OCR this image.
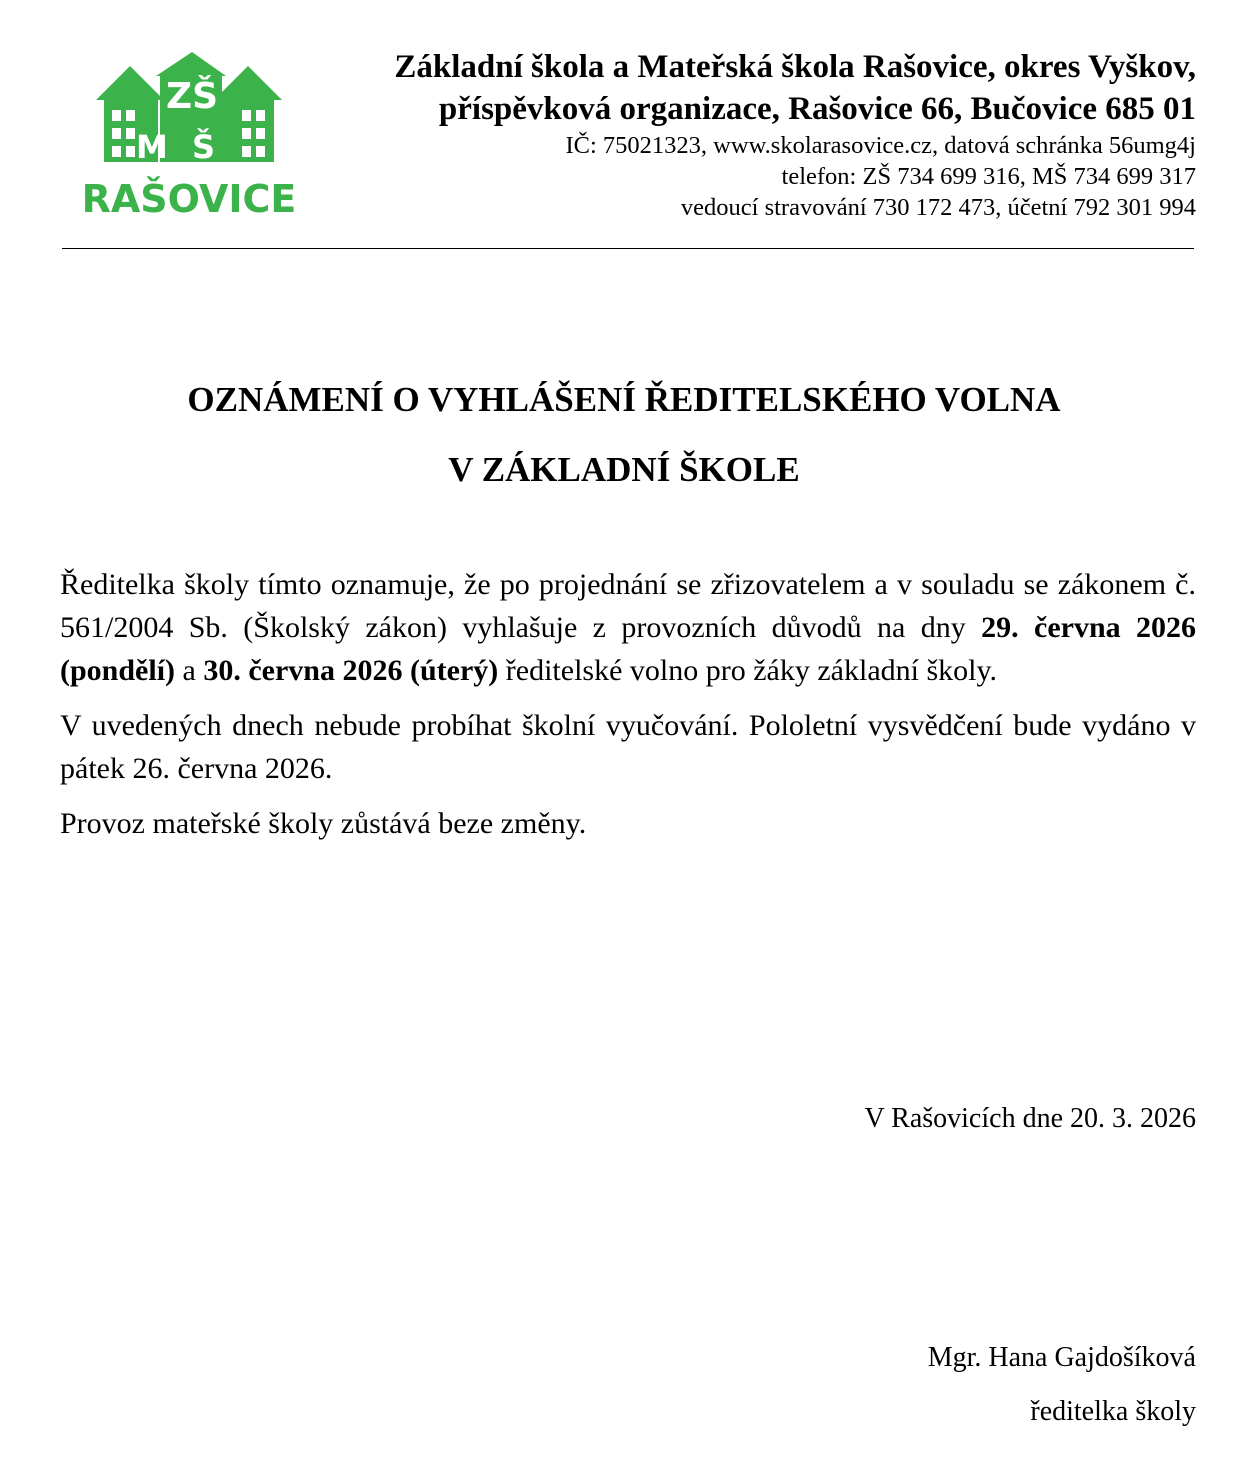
ZŠ
M Š
RAŠOVICE
Základní škola a Mateřská škola Rašovice, okres Vyškov,
příspěvková organizace, Rašovice 66, Bučovice 685 01
IČ: 75021323, www.skolarasovice.cz, datová schránka 56umg4j
telefon: ZŠ 734 699 316, MŠ 734 699 317
vedoucí stravování 730 172 473, účetní 792 301 994
OZNÁMENÍ O VYHLÁŠENÍ ŘEDITELSKÉHO VOLNA
V ZÁKLADNÍ ŠKOLE

Ředitelka školy tímto oznamuje, že po projednání se zřizovatelem a v souladu se zákonem č. 561/2004 Sb. (Školský zákon) vyhlašuje z provozních důvodů na dny 29. června 2026 (pondělí) a 30. června 2026 (úterý) ředitelské volno pro žáky základní školy.

V uvedených dnech nebude probíhat školní vyučování. Pololetní vysvědčení bude vydáno v pátek 26. června 2026.

Provoz mateřské školy zůstává beze změny.

V Rašovicích dne 20. 3. 2026
Mgr. Hana Gajdošíková
ředitelka školy
